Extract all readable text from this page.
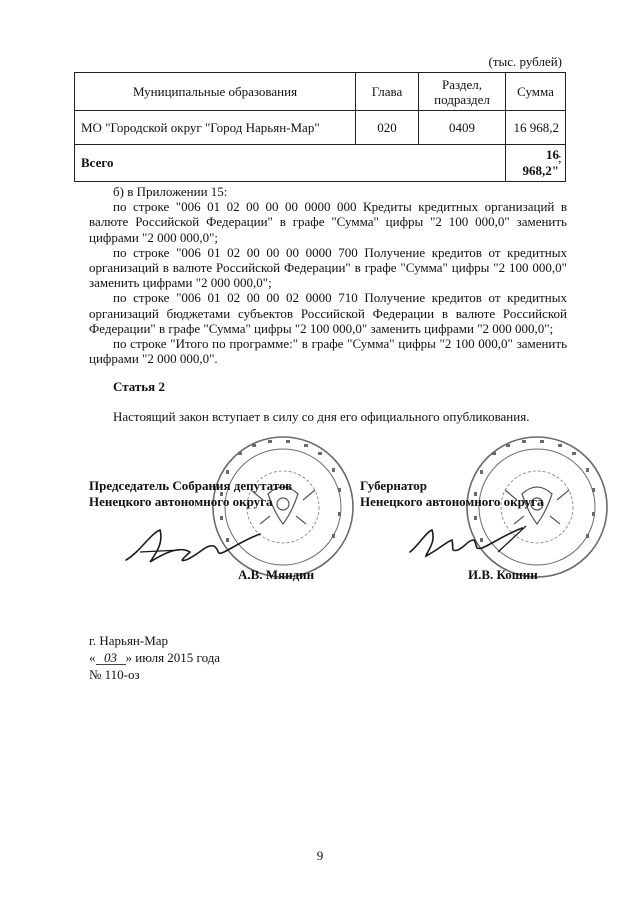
(тыс. рублей)
Муниципальные образования	Глава	Раздел, подраздел	Сумма
МО "Городской округ "Город Нарьян-Мар"	020	0409	16 968,2
Всего			16 968,2"
;

б) в Приложении 15:

по строке "006 01 02 00 00 00 0000 000 Кредиты кредитных организаций в валюте Российской Федерации" в графе "Сумма" цифры "2 100 000,0" заменить цифрами "2 000 000,0";

по строке "006 01 02 00 00 00 0000 700 Получение кредитов от кредитных организаций в валюте Российской Федерации" в графе "Сумма" цифры "2 100 000,0" заменить цифрами "2 000 000,0";

по строке "006 01 02 00 00 02 0000 710 Получение кредитов от кредитных организаций бюджетами субъектов Российской Федерации в валюте Российской Федерации" в графе "Сумма" цифры "2 100 000,0" заменить цифрами "2 000 000,0";

по строке "Итого по программе:" в графе "Сумма" цифры "2 100 000,0" заменить цифрами "2 000 000,0".

Статья 2
Настоящий закон вступает в силу со дня его официального опубликования.
Председатель Собрания депутатов
Ненецкого автономного округа
Губернатор
Ненецкого автономного округа
А.В. Мяндин	И.В. Кошин
г. Нарьян-Мар
« 03 » июля 2015 года
№ 110-оз
9
